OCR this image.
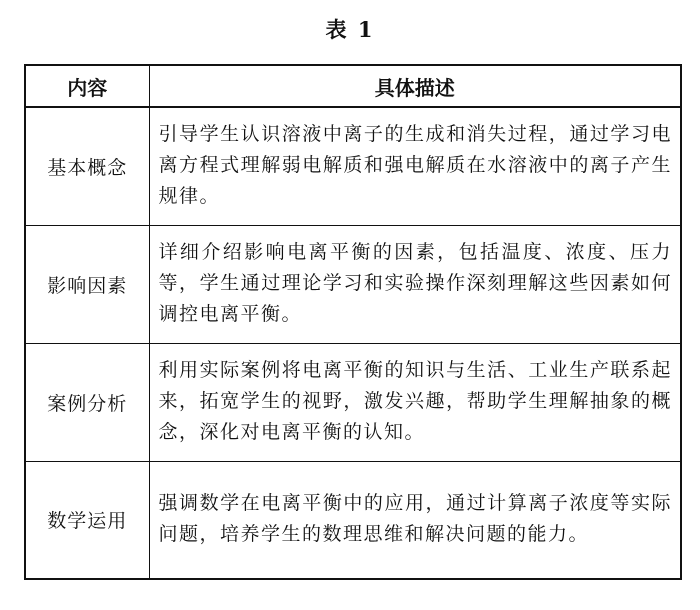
表 1
内容	具体描述
基本概念	引导学生认识溶液中离子的生成和消失过程，通过学习电离方程式理解弱电解质和强电解质在水溶液中的离子产生规律。
影响因素	详细介绍影响电离平衡的因素，包括温度、浓度、压力等，学生通过理论学习和实验操作深刻理解这些因素如何调控电离平衡。
案例分析	利用实际案例将电离平衡的知识与生活、工业生产联系起来，拓宽学生的视野，激发兴趣，帮助学生理解抽象的概念，深化对电离平衡的认知。
数学运用	强调数学在电离平衡中的应用，通过计算离子浓度等实际问题，培养学生的数理思维和解决问题的能力。
